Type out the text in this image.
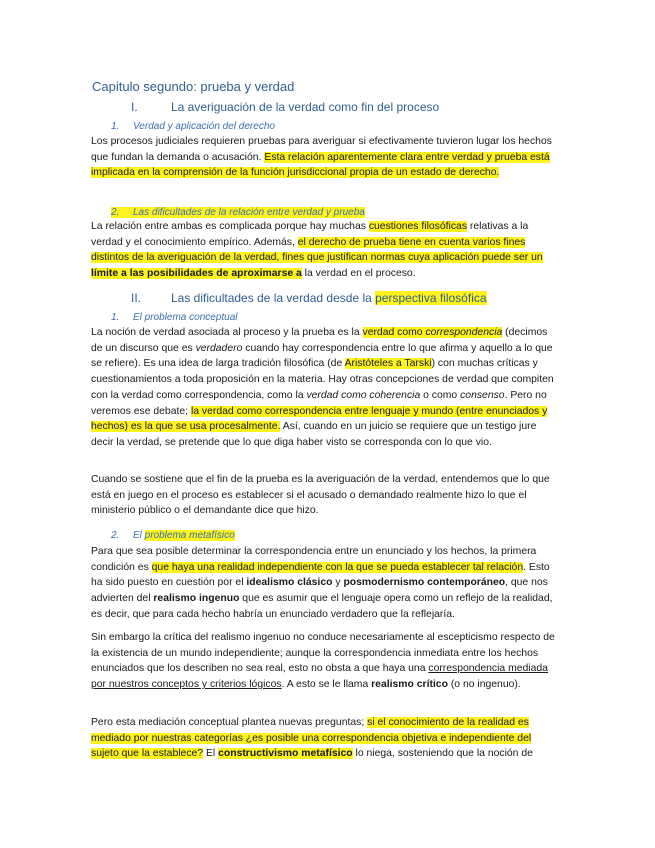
Capitulo segundo: prueba y verdad
I.	La averiguación de la verdad como fin del proceso
1. Verdad y aplicación del derecho
Los procesos judiciales requieren pruebas para averiguar si efectivamente tuvieron lugar los hechos que fundan la demanda o acusación. Esta relación aparentemente clara entre verdad y prueba está implicada en la comprensión de la función jurisdiccional propia de un estado de derecho.
2. Las dificultades de la relación entre verdad y prueba
La relación entre ambas es complicada porque hay muchas cuestiones filosóficas relativas a la verdad y el conocimiento empírico. Además, el derecho de prueba tiene en cuenta varios fines distintos de la averiguación de la verdad, fines que justifican normas cuya aplicación puede ser un límite a las posibilidades de aproximarse a la verdad en el proceso.
II. Las dificultades de la verdad desde la perspectiva filosófica
1. El problema conceptual
La noción de verdad asociada al proceso y la prueba es la verdad como correspondencia (decimos de un discurso que es verdadero cuando hay correspondencia entre lo que afirma y aquello a lo que se refiere). Es una idea de larga tradición filosófica (de Aristóteles a Tarski) con muchas críticas y cuestionamientos a toda proposición en la materia. Hay otras concepciones de verdad que compiten con la verdad como correspondencia, como la verdad como coherencia o como consenso. Pero no veremos ese debate; la verdad como correspondencia entre lenguaje y mundo (entre enunciados y hechos) es la que se usa procesalmente. Así, cuando en un juicio se requiere que un testigo jure decir la verdad, se pretende que lo que diga haber visto se corresponda con lo que vio.
Cuando se sostiene que el fin de la prueba es la averiguación de la verdad, entendemos que lo que está en juego en el proceso es establecer si el acusado o demandado realmente hizo lo que el ministerio público o el demandante dice que hizo.
2. El problema metafísico
Para que sea posible determinar la correspondencia entre un enunciado y los hechos, la primera condición es que haya una realidad independiente con la que se pueda establecer tal relación. Esto ha sido puesto en cuestión por el idealismo clásico y posmodernismo contemporáneo, que nos advierten del realismo ingenuo que es asumir que el lenguaje opera como un reflejo de la realidad, es decir, que para cada hecho habría un enunciado verdadero que la reflejaría.
Sin embargo la crítica del realismo ingenuo no conduce necesariamente al escepticismo respecto de la existencia de un mundo independiente; aunque la correspondencia inmediata entre los hechos enunciados que los describen no sea real, esto no obsta a que haya una correspondencia mediada por nuestros conceptos y criterios lógicos. A esto se le llama realismo crítico (o no ingenuo).
Pero esta mediación conceptual plantea nuevas preguntas; si el conocimiento de la realidad es mediado por nuestras categorías ¿es posible una correspondencia objetiva e independiente del sujeto que la establece? El constructivismo metafísico lo niega, sosteniendo que la noción de
